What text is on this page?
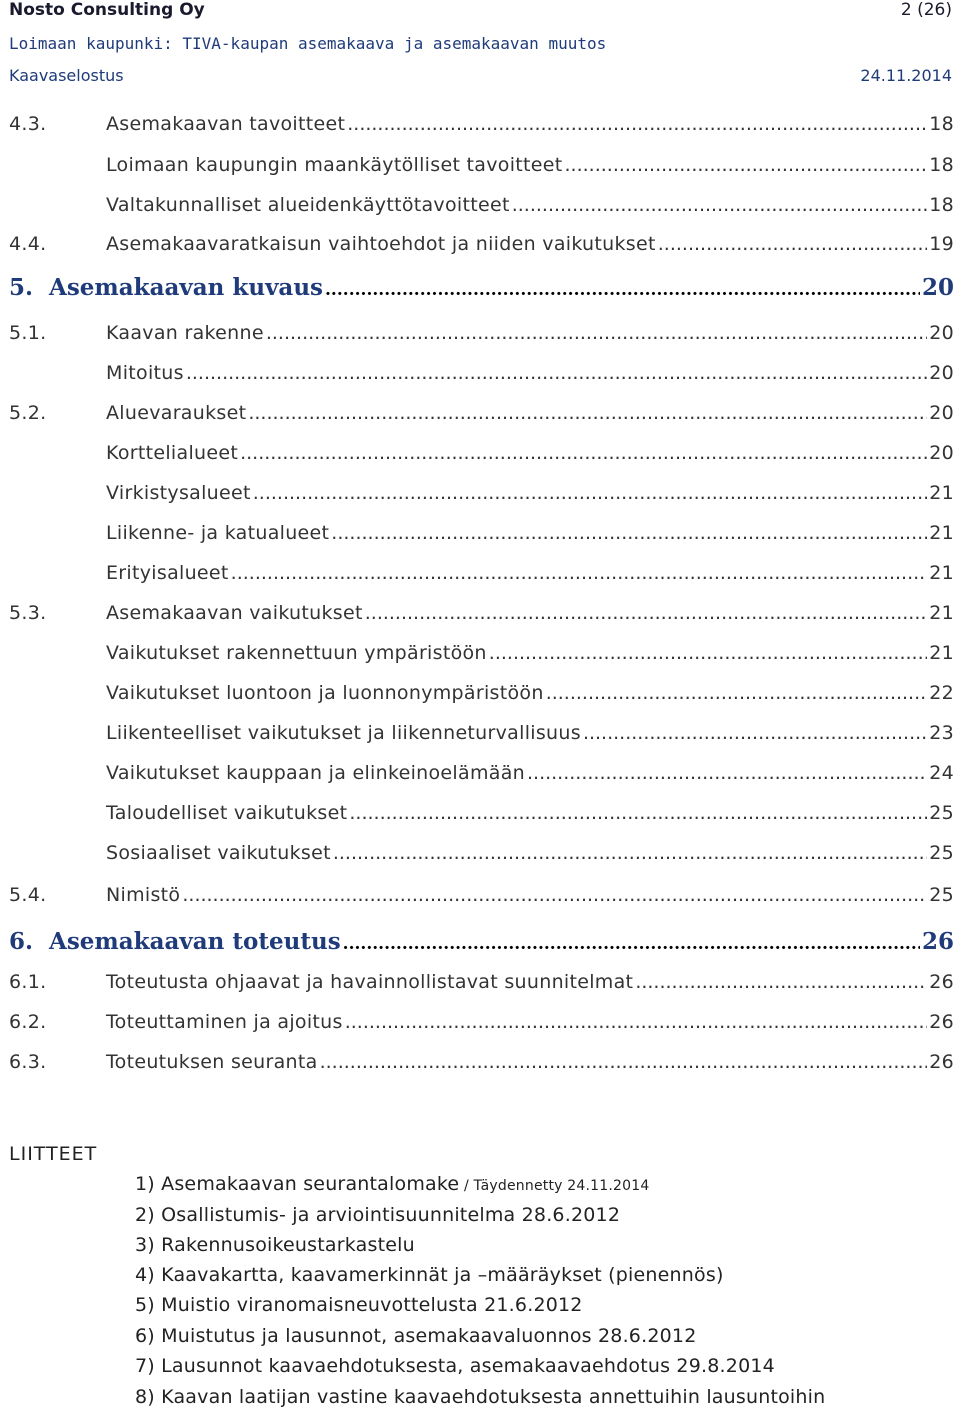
Nosto Consulting Oy	2 (26)
Loimaan kaupunki: TIVA-kaupan asemakaava ja asemakaavan muutos
Kaavaselostus	24.11.2014
4.3.	Asemakaavan tavoitteet .....	18
Loimaan kaupungin maankäytölliset tavoitteet .....	18
Valtakunnalliset alueidenkäyttötavoitteet .....	18
4.4.	Asemakaavaratkaisun vaihtoehdot ja niiden vaikutukset .....	19
5. Asemakaavan kuvaus .....	20
5.1.	Kaavan rakenne .....	20
Mitoitus .....	20
5.2.	Aluevaraukset .....	20
Korttelialueet .....	20
Virkistysalueet .....	21
Liikenne- ja katualueet .....	21
Erityisalueet .....	21
5.3.	Asemakaavan vaikutukset .....	21
Vaikutukset rakennettuun ympäristöön .....	21
Vaikutukset luontoon ja luonnonympäristöön .....	22
Liikenteelliset vaikutukset ja liikenneturvallisuus .....	23
Vaikutukset kauppaan ja elinkeinoelämään .....	24
Taloudelliset vaikutukset .....	25
Sosiaaliset vaikutukset .....	25
5.4.	Nimistö .....	25
6. Asemakaavan toteutus .....	26
6.1.	Toteutusta ohjaavat ja havainnollistavat suunnitelmat .....	26
6.2.	Toteuttaminen ja ajoitus .....	26
6.3.	Toteutuksen seuranta .....	26
LIITTEET
1) Asemakaavan seurantalomake / Täydennetty 24.11.2014
2) Osallistumis- ja arviointisuunnitelma 28.6.2012
3) Rakennusoikeustarkastelu
4) Kaavakartta, kaavamerkinnät ja –määräykset (pienennös)
5) Muistio viranomaisneuvottelusta 21.6.2012
6) Muistutus ja lausunnot, asemakaavaluonnos 28.6.2012
7) Lausunnot kaavaehdotuksesta, asemakaavaehdotus 29.8.2014
8) Kaavan laatijan vastine kaavaehdotuksesta annettuihin lausuntoihin
